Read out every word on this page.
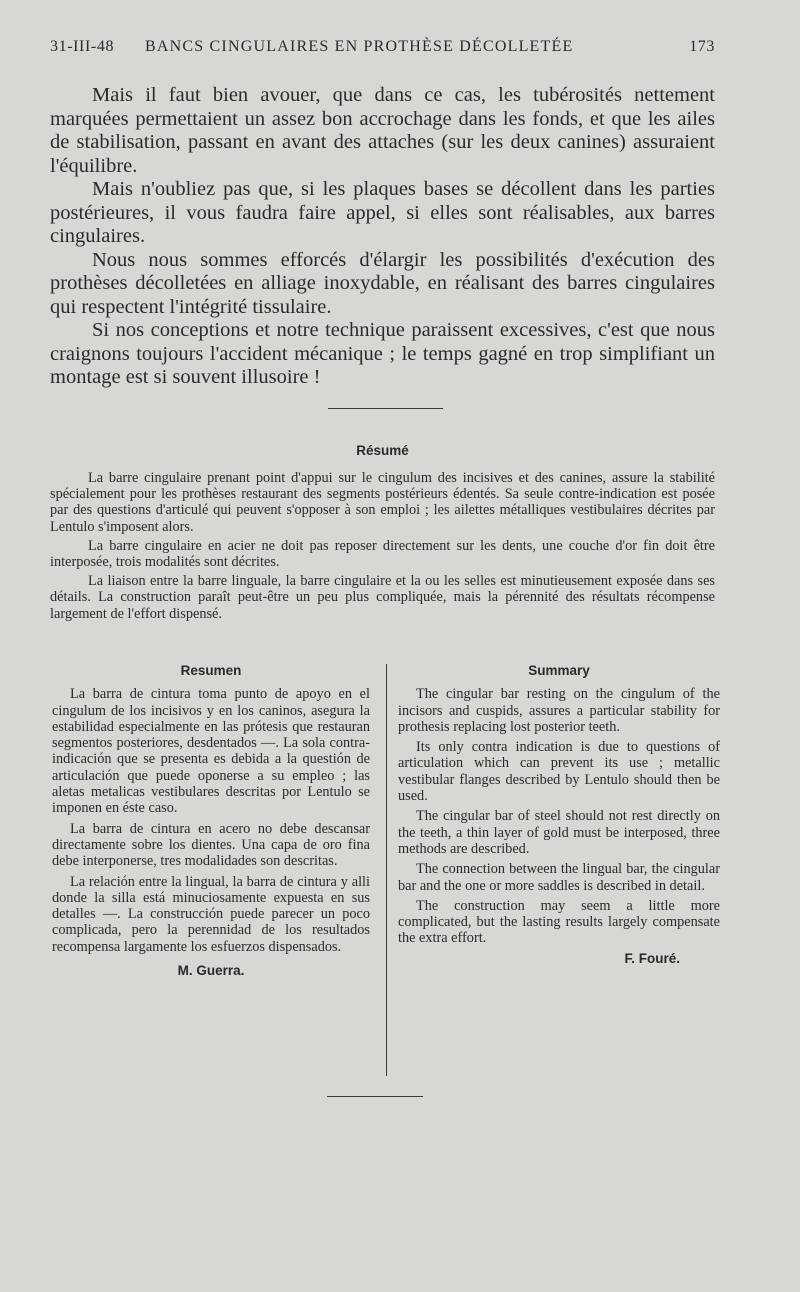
31-III-48 BANCS CINGULAIRES EN PROTHÈSE DÉCOLLETÉE	173

Mais il faut bien avouer, que dans ce cas, les tubérosités nettement marquées permettaient un assez bon accrochage dans les fonds, et que les ailes de stabilisation, passant en avant des attaches (sur les deux canines) assuraient l'équilibre.

Mais n'oubliez pas que, si les plaques bases se décollent dans les parties postérieures, il vous faudra faire appel, si elles sont réalisables, aux barres cingulaires.

Nous nous sommes efforcés d'élargir les possibilités d'exécution des prothèses décolletées en alliage inoxydable, en réalisant des barres cingulaires qui respectent l'intégrité tissulaire.

Si nos conceptions et notre technique paraissent excessives, c'est que nous craignons toujours l'accident mécanique ; le temps gagné en trop simplifiant un montage est si souvent illusoire !

Résumé

La barre cingulaire prenant point d'appui sur le cingulum des incisives et des canines, assure la stabilité spécialement pour les prothèses restaurant des segments postérieurs édentés. Sa seule contre-indication est posée par des questions d'articulé qui peuvent s'opposer à son emploi ; les ailettes métalliques vestibulaires décrites par Lentulo s'imposent alors.

La barre cingulaire en acier ne doit pas reposer directement sur les dents, une couche d'or fin doit être interposée, trois modalités sont décrites.

La liaison entre la barre linguale, la barre cingulaire et la ou les selles est minutieusement exposée dans ses détails. La construction paraît peut-être un peu plus compliquée, mais la pérennité des résultats récompense largement de l'effort dispensé.

Resumen

La barra de cintura toma punto de apoyo en el cingulum de los incisivos y en los caninos, asegura la estabilidad especialmente en las prótesis que restauran segmentos posteriores, desdentados —. La sola contra-indicación que se presenta es debida a la questión de articulación que puede oponerse a su empleo ; las aletas metalicas vestibulares descritas por Lentulo se imponen en éste caso.

La barra de cintura en acero no debe descansar directamente sobre los dientes. Una capa de oro fina debe interponerse, tres modalidades son descritas.

La relación entre la lingual, la barra de cintura y alli donde la silla está minuciosamente expuesta en sus detalles —. La construcción puede parecer un poco complicada, pero la perennidad de los resultados recompensa largamente los esfuerzos dispensados.

M. Guerra.
Summary

The cingular bar resting on the cingulum of the incisors and cuspids, assures a particular stability for prothesis replacing lost posterior teeth.

Its only contra indication is due to questions of articulation which can prevent its use ; metallic vestibular flanges described by Lentulo should then be used.

The cingular bar of steel should not rest directly on the teeth, a thin layer of gold must be interposed, three methods are described.

The connection between the lingual bar, the cingular bar and the one or more saddles is described in detail.

The construction may seem a little more complicated, but the lasting results largely compensate the extra effort.

F. Fouré.
